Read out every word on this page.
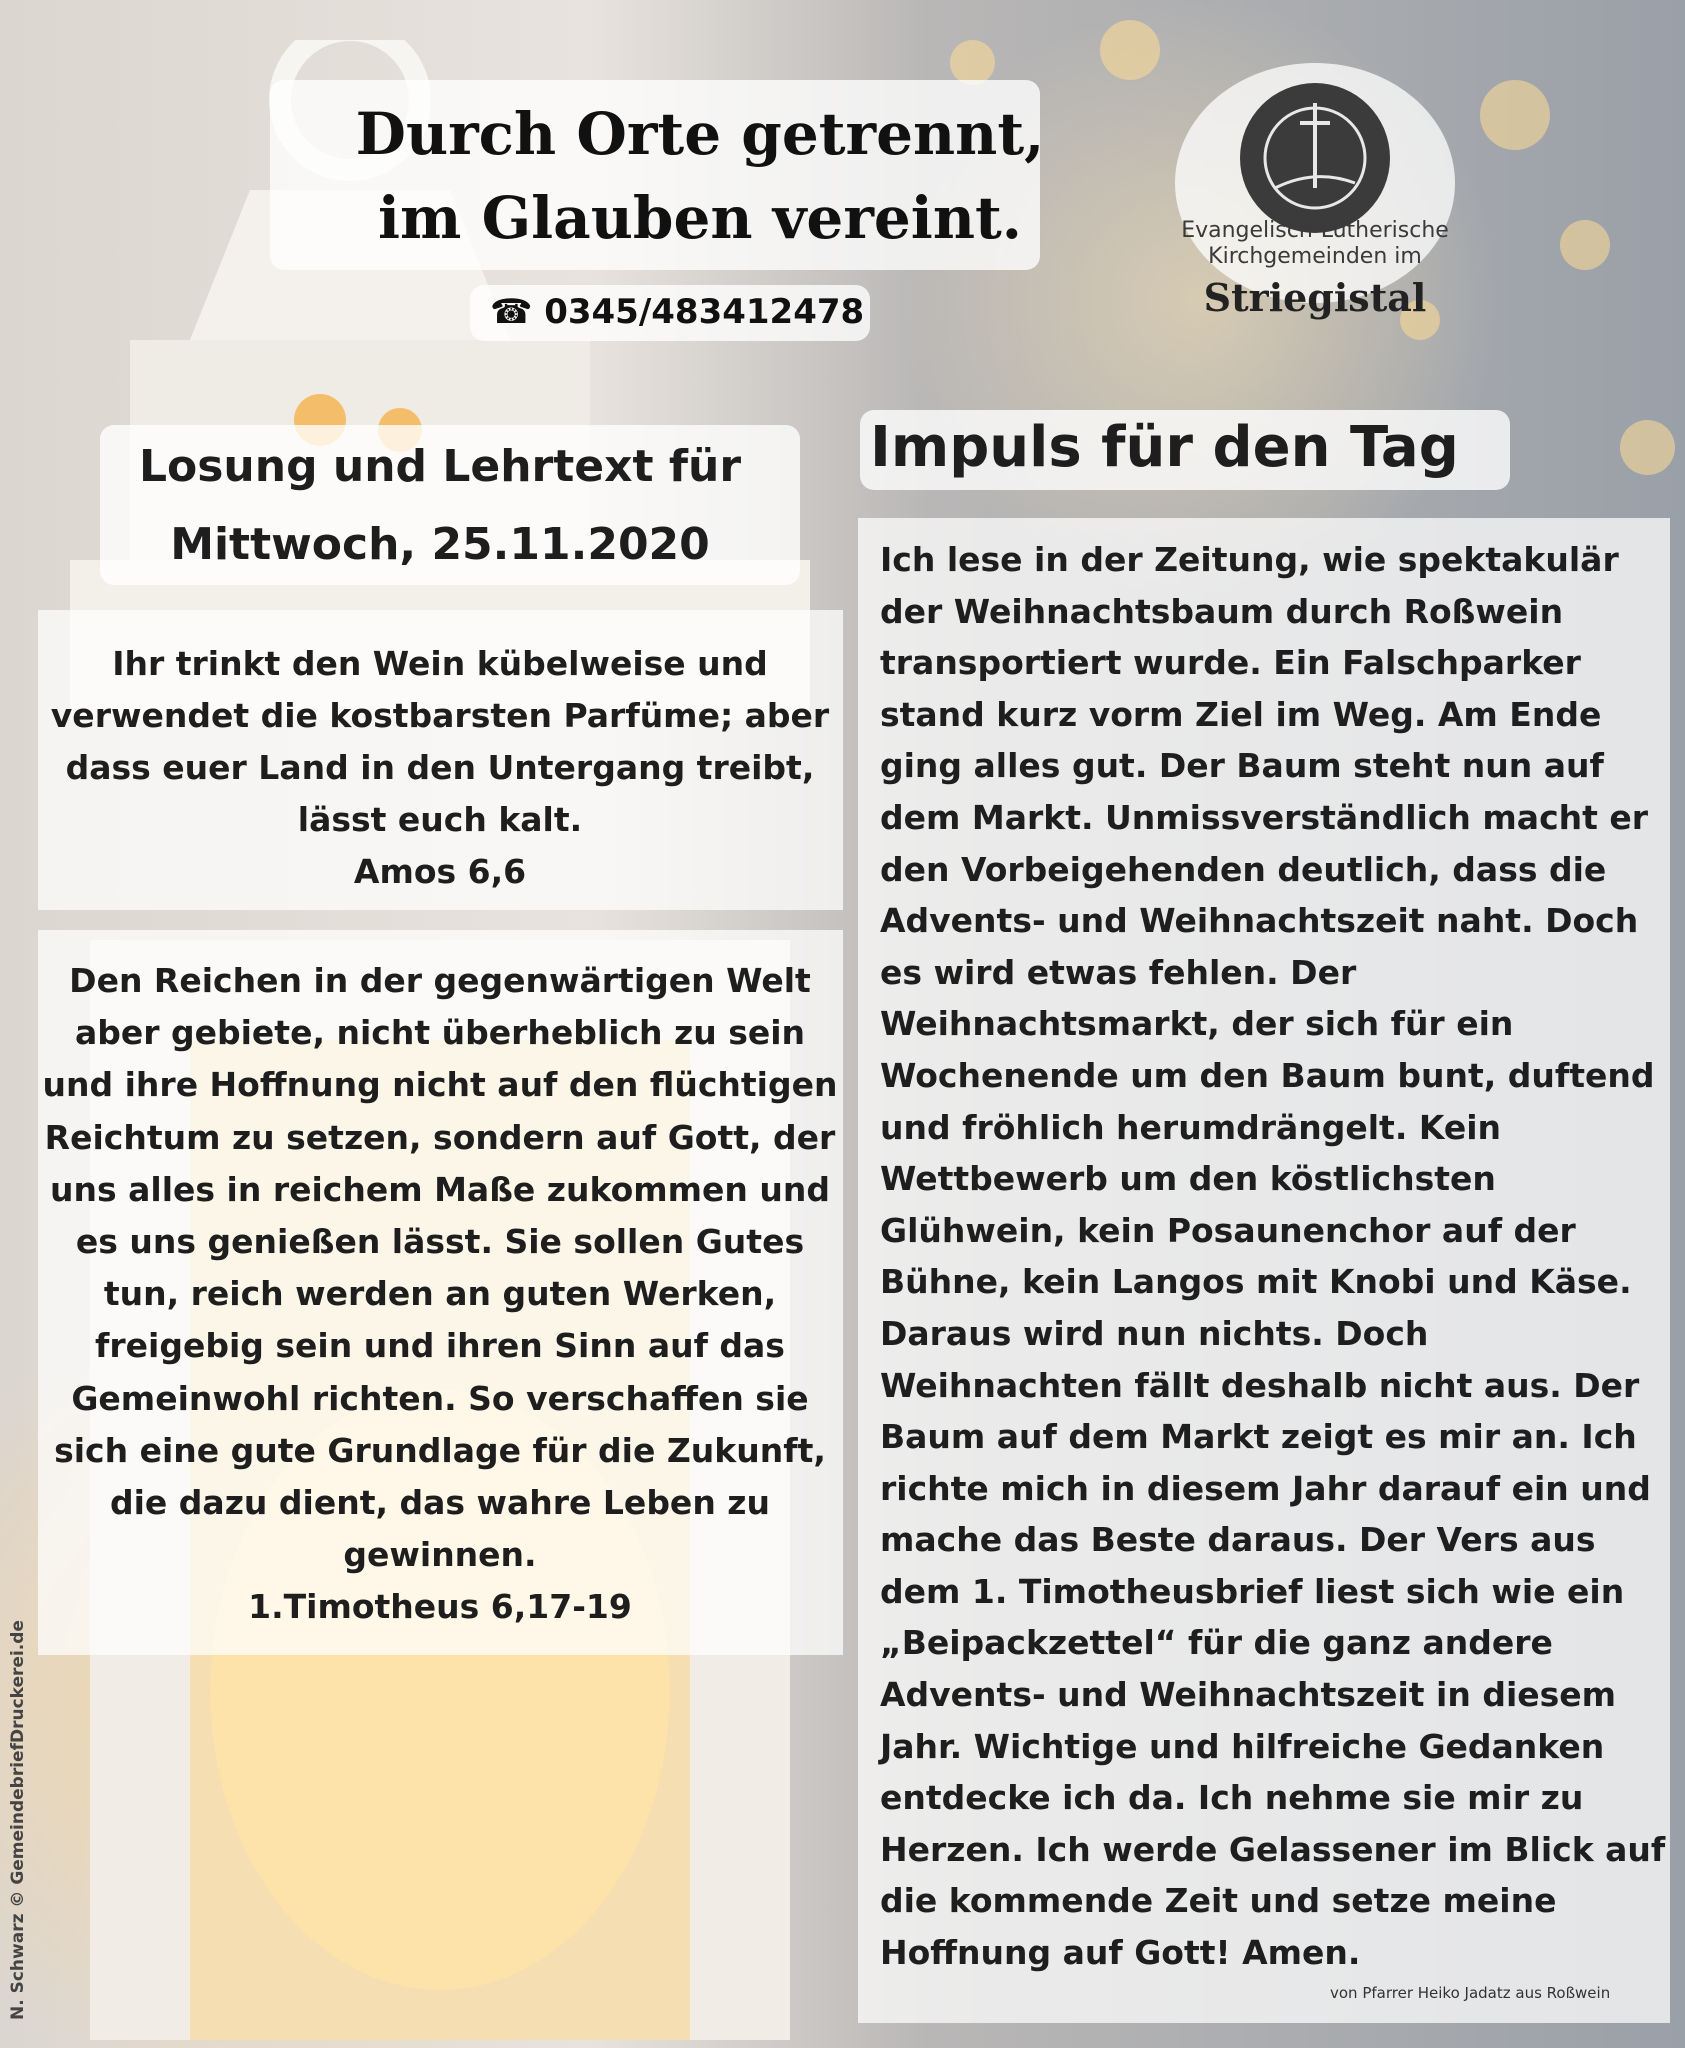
Durch Orte getrennt,
im Glauben vereint.
☎ 0345/483412478
Evangelisch-Lutherische
Kirchgemeinden im
Striegistal
Losung und Lehrtext für
Mittwoch, 25.11.2020
Ihr trinkt den Wein kübelweise und verwendet die kostbarsten Parfüme; aber dass euer Land in den Untergang treibt, lässt euch kalt.
Amos 6,6
Den Reichen in der gegenwärtigen Welt aber gebiete, nicht überheblich zu sein und ihre Hoffnung nicht auf den flüchtigen Reichtum zu setzen, sondern auf Gott, der uns alles in reichem Maße zukommen und es uns genießen lässt. Sie sollen Gutes tun, reich werden an guten Werken, freigebig sein und ihren Sinn auf das Gemeinwohl richten. So verschaffen sie sich eine gute Grundlage für die Zukunft, die dazu dient, das wahre Leben zu gewinnen.
1.Timotheus 6,17-19
Impuls für den Tag
Ich lese in der Zeitung, wie spektakulär der Weihnachtsbaum durch Roßwein transportiert wurde. Ein Falschparker stand kurz vorm Ziel im Weg. Am Ende ging alles gut. Der Baum steht nun auf dem Markt. Unmissverständlich macht er den Vorbeigehenden deutlich, dass die Advents- und Weihnachtszeit naht. Doch es wird etwas fehlen. Der Weihnachtsmarkt, der sich für ein Wochenende um den Baum bunt, duftend und fröhlich herumdrängelt. Kein Wettbewerb um den köstlichsten Glühwein, kein Posaunenchor auf der Bühne, kein Langos mit Knobi und Käse. Daraus wird nun nichts. Doch Weihnachten fällt deshalb nicht aus. Der Baum auf dem Markt zeigt es mir an. Ich richte mich in diesem Jahr darauf ein und mache das Beste daraus. Der Vers aus dem 1. Timotheusbrief liest sich wie ein „Beipackzettel“ für die ganz andere Advents- und Weihnachtszeit in diesem Jahr. Wichtige und hilfreiche Gedanken entdecke ich da. Ich nehme sie mir zu Herzen. Ich werde Gelassener im Blick auf die kommende Zeit und setze meine Hoffnung auf Gott! Amen.
von Pfarrer Heiko Jadatz aus Roßwein
N. Schwarz © GemeindebriefDruckerei.de
